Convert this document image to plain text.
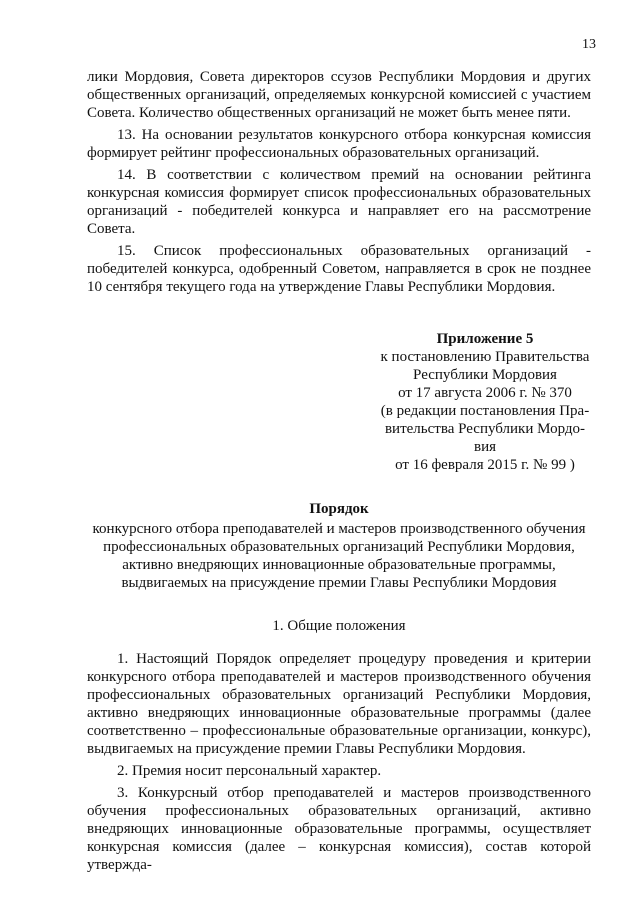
13

лики Мордовия, Совета директоров ссузов Республики Мордовия и других общественных организаций, определяемых конкурсной комиссией с участием Совета. Количество общественных организаций не может быть менее пяти.

13. На основании результатов конкурсного отбора конкурсная комиссия формирует рейтинг профессиональных образовательных организаций.

14. В соответствии с количеством премий на основании рейтинга конкурсная комиссия формирует список профессиональных образовательных организаций - победителей конкурса и направляет его на рассмотрение Совета.

15. Список профессиональных образовательных организаций - победителей конкурса, одобренный Советом, направляется в срок не позднее 10 сентября текущего года на утверждение Главы Республики Мордовия.

Приложение 5
к постановлению Правительства
Республики Мордовия
от 17 августа 2006 г. № 370
(в редакции постановления Пра-
вительства Республики Мордо-
вия
от 16 февраля 2015 г. № 99 )
Порядок
конкурсного отбора преподавателей и мастеров производственного обучения профессиональных образовательных организаций Республики Мордовия, активно внедряющих инновационные образовательные программы, выдвигаемых на присуждение премии Главы Республики Мордовия
1. Общие положения

1. Настоящий Порядок определяет процедуру проведения и критерии конкурсного отбора преподавателей и мастеров производственного обучения профессиональных образовательных организаций Республики Мордовия, активно внедряющих инновационные образовательные программы (далее соответственно – профессиональные образовательные организации, конкурс), выдвигаемых на присуждение премии Главы Республики Мордовия.

2. Премия носит персональный характер.

3. Конкурсный отбор преподавателей и мастеров производственного обучения профессиональных образовательных организаций, активно внедряющих инновационные образовательные программы, осуществляет конкурсная комиссия (далее – конкурсная комиссия), состав которой утвержда-
